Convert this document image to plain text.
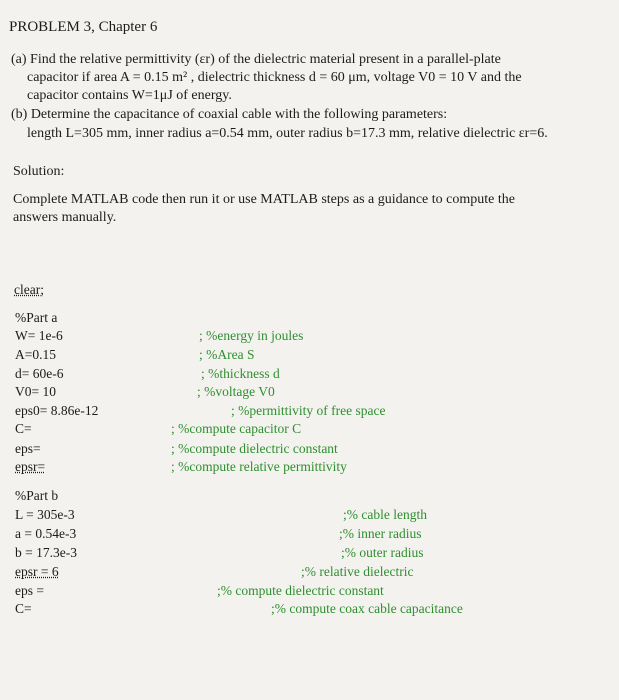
PROBLEM 3, Chapter 6
(a) Find the relative permittivity (εr) of the dielectric material present in a parallel-plate
capacitor if area A = 0.15 m² , dielectric thickness d = 60 μm, voltage V0 = 10 V and the
capacitor contains W=1μJ of energy.
(b) Determine the capacitance of coaxial cable with the following parameters:
length L=305 mm, inner radius a=0.54 mm, outer radius b=17.3 mm, relative dielectric εr=6.
Solution:
Complete MATLAB code then run it or use MATLAB steps as a guidance to compute the
answers manually.
clear;
%Part a
W= 1e-6	; %energy in joules
A=0.15	; %Area S
d= 60e-6	; %thickness d
V0= 10	; %voltage V0
eps0= 8.86e-12	; %permittivity of free space
C=	; %compute capacitor C
eps=	; %compute dielectric constant
epsr=	; %compute relative permittivity
%Part b
L = 305e-3	;% cable length
a = 0.54e-3	;% inner radius
b = 17.3e-3	;% outer radius
epsr = 6	;% relative dielectric
eps =	;% compute dielectric constant
C=	;% compute coax cable capacitance
